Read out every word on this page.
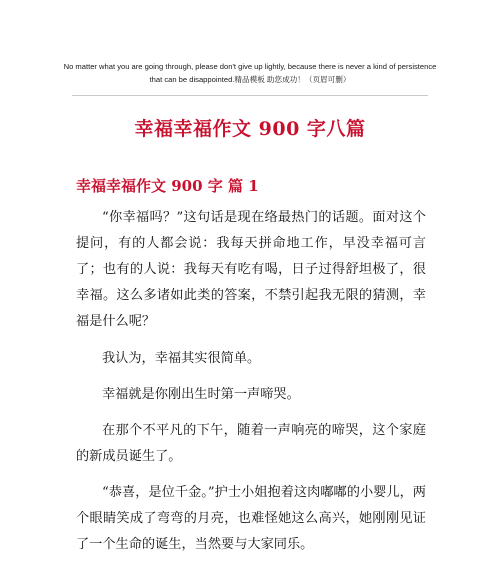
No matter what you are going through, please don't give up lightly, because there is never a kind of persistence

that can be disappointed.精品模板 助您成功！（页眉可删）
幸福幸福作文 900 字八篇
幸福幸福作文 900 字 篇 1

“你幸福吗？”这句话是现在络最热门的话题。面对这个提问，有的人都会说：我每天拼命地工作，早没幸福可言了；也有的人说：我每天有吃有喝，日子过得舒坦极了，很幸福。这么多诸如此类的答案，不禁引起我无限的猜测，幸福是什么呢？

我认为，幸福其实很简单。

幸福就是你刚出生时第一声啼哭。

在那个不平凡的下午，随着一声响亮的啼哭，这个家庭的新成员诞生了。

“恭喜，是位千金。”护士小姐抱着这肉嘟嘟的小婴儿，两个眼睛笑成了弯弯的月亮，也难怪她这么高兴，她刚刚见证了一个生命的诞生，当然要与大家同乐。
